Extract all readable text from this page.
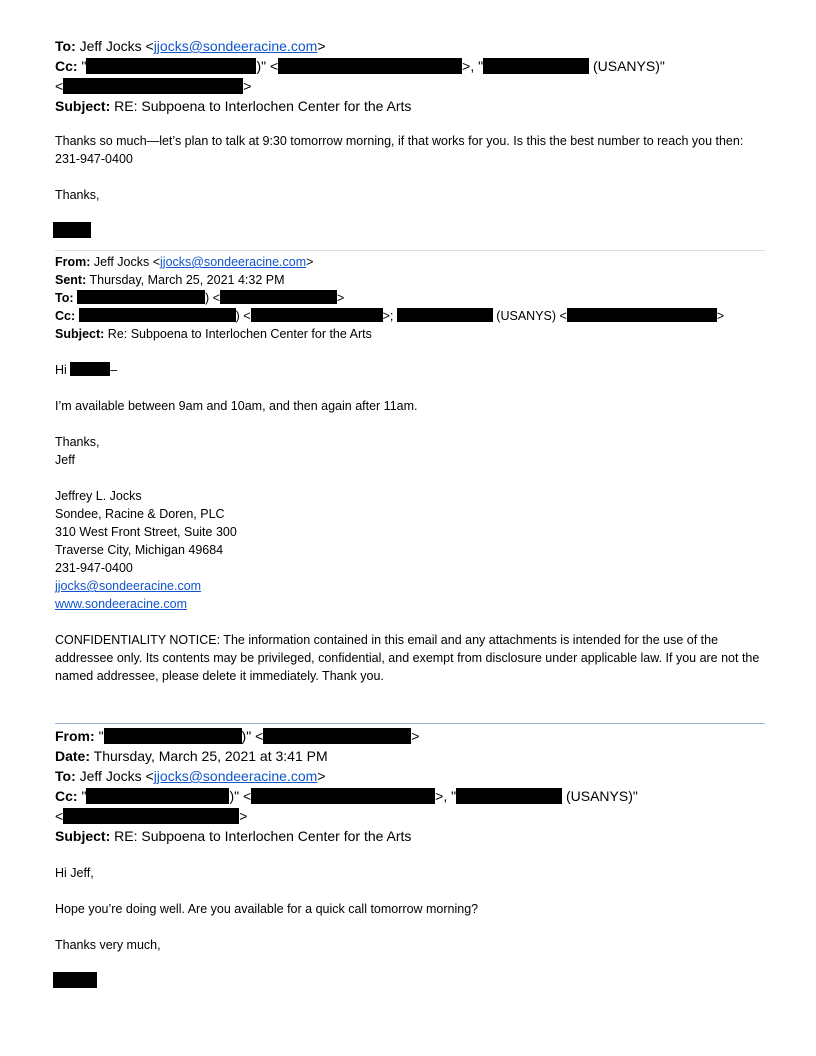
To: Jeff Jocks <jjocks@sondeeracine.com>
Cc: "	)" <	>, "	(USANYS)"
<	>
Subject: RE: Subpoena to Interlochen Center for the Arts
Thanks so much—let’s plan to talk at 9:30 tomorrow morning, if that works for you. Is this the best number to reach you then: 231-947-0400
Thanks,
From: Jeff Jocks <jjocks@sondeeracine.com>
Sent: Thursday, March 25, 2021 4:32 PM
To:	) <	>
Cc:	) <	>;	(USANYS) <	>
Subject: Re: Subpoena to Interlochen Center for the Arts
Hi	–
I’m available between 9am and 10am, and then again after 11am.
Thanks,
Jeff
Jeffrey L. Jocks
Sondee, Racine & Doren, PLC
310 West Front Street, Suite 300
Traverse City, Michigan 49684
231-947-0400
jjocks@sondeeracine.com
www.sondeeracine.com
CONFIDENTIALITY NOTICE: The information contained in this email and any attachments is intended for the use of the addressee only. Its contents may be privileged, confidential, and exempt from disclosure under applicable law. If you are not the named addressee, please delete it immediately. Thank you.
From: "	)" <	>
Date: Thursday, March 25, 2021 at 3:41 PM
To: Jeff Jocks <jjocks@sondeeracine.com>
Cc: "	)" <	>, "	(USANYS)"
<	>
Subject: RE: Subpoena to Interlochen Center for the Arts
Hi Jeff,
Hope you’re doing well. Are you available for a quick call tomorrow morning?
Thanks very much,
